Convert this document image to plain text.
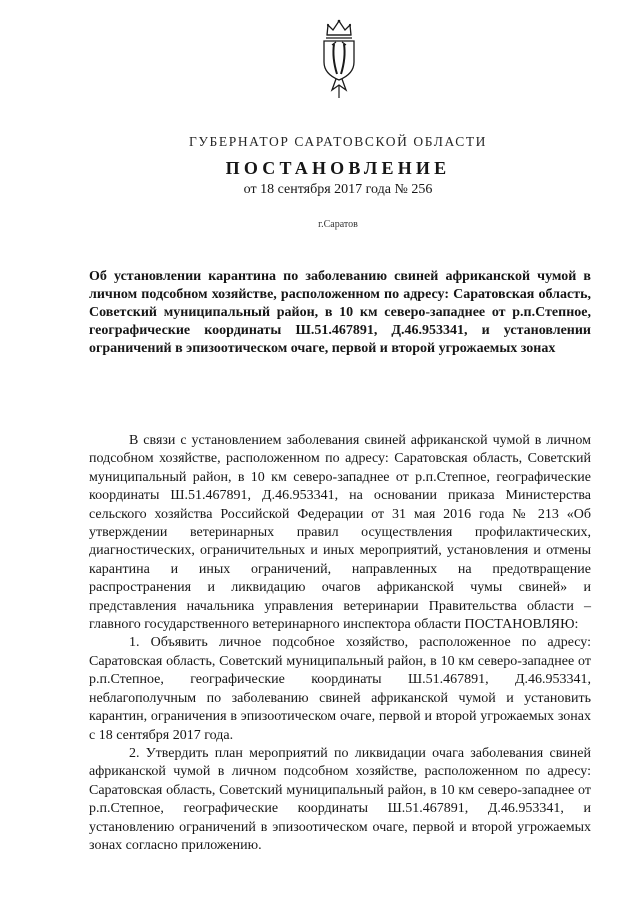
ГУБЕРНАТОР САРАТОВСКОЙ ОБЛАСТИ
ПОСТАНОВЛЕНИЕ
от 18 сентября 2017 года № 256
г.Саратов
Об установлении карантина по заболеванию свиней африканской чумой в личном подсобном хозяйстве, расположенном по адресу: Саратовская область, Советский муниципальный район, в 10 км северо-западнее от р.п.Степное, географические координаты Ш.51.467891, Д.46.953341, и установлении ограничений в эпизоотическом очаге, первой и второй угрожаемых зонах

В связи с установлением заболевания свиней африканской чумой в личном подсобном хозяйстве, расположенном по адресу: Саратовская область, Советский муниципальный район, в 10 км северо-западнее от р.п.Степное, географические координаты Ш.51.467891, Д.46.953341, на основании приказа Министерства сельского хозяйства Российской Федерации от 31 мая 2016 года № 213 «Об утверждении ветеринарных правил осуществления профилактических, диагностических, ограничительных и иных мероприятий, установления и отмены карантина и иных ограничений, направленных на предотвращение распространения и ликвидацию очагов африканской чумы свиней» и представления начальника управления ветеринарии Правительства области – главного государственного ветеринарного инспектора области ПОСТАНОВЛЯЮ:

1. Объявить личное подсобное хозяйство, расположенное по адресу: Саратовская область, Советский муниципальный район, в 10 км северо-западнее от р.п.Степное, географические координаты Ш.51.467891, Д.46.953341, неблагополучным по заболеванию свиней африканской чумой и установить карантин, ограничения в эпизоотическом очаге, первой и второй угрожаемых зонах с 18 сентября 2017 года.

2. Утвердить план мероприятий по ликвидации очага заболевания свиней африканской чумой в личном подсобном хозяйстве, расположенном по адресу: Саратовская область, Советский муниципальный район, в 10 км северо-западнее от р.п.Степное, географические координаты Ш.51.467891, Д.46.953341, и установлению ограничений в эпизоотическом очаге, первой и второй угрожаемых зонах согласно приложению.
